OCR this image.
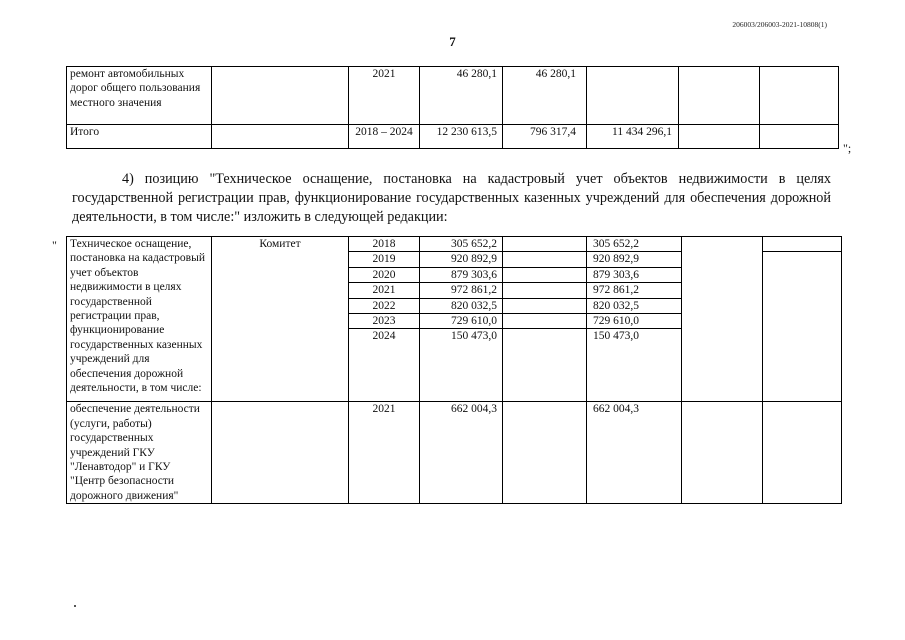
206003/206003-2021-10808(1)
7
ремонт автомобильных дорог общего пользования местного значения		2021	46 280,1	46 280,1			
Итого		2018 – 2024	12 230 613,5	796 317,4	11 434 296,1		
";

4) позицию "Техническое оснащение, постановка на кадастровый учет объектов недвижимости в целях государственной регистрации прав, функционирование государственных казенных учреждений для обеспечения дорожной деятельности, в том числе:" изложить в следующей редакции:

" Техническое оснащение, постановка на кадастровый учет объектов недвижимости в целях государственной регистрации прав, функционирование государственных казенных учреждений для обеспечения дорожной деятельности, в том числе:	Комитет	2018	305 652,2		305 652,2		
		2019	920 892,9		920 892,9		
		2020	879 303,6		879 303,6		
		2021	972 861,2		972 861,2		
		2022	820 032,5		820 032,5		
		2023	729 610,0		729 610,0		
		2024	150 473,0		150 473,0		
обеспечение деятельности (услуги, работы) государственных учреждений ГКУ "Ленавтодор" и ГКУ "Центр безопасности дорожного движения"		2021	662 004,3		662 004,3		
